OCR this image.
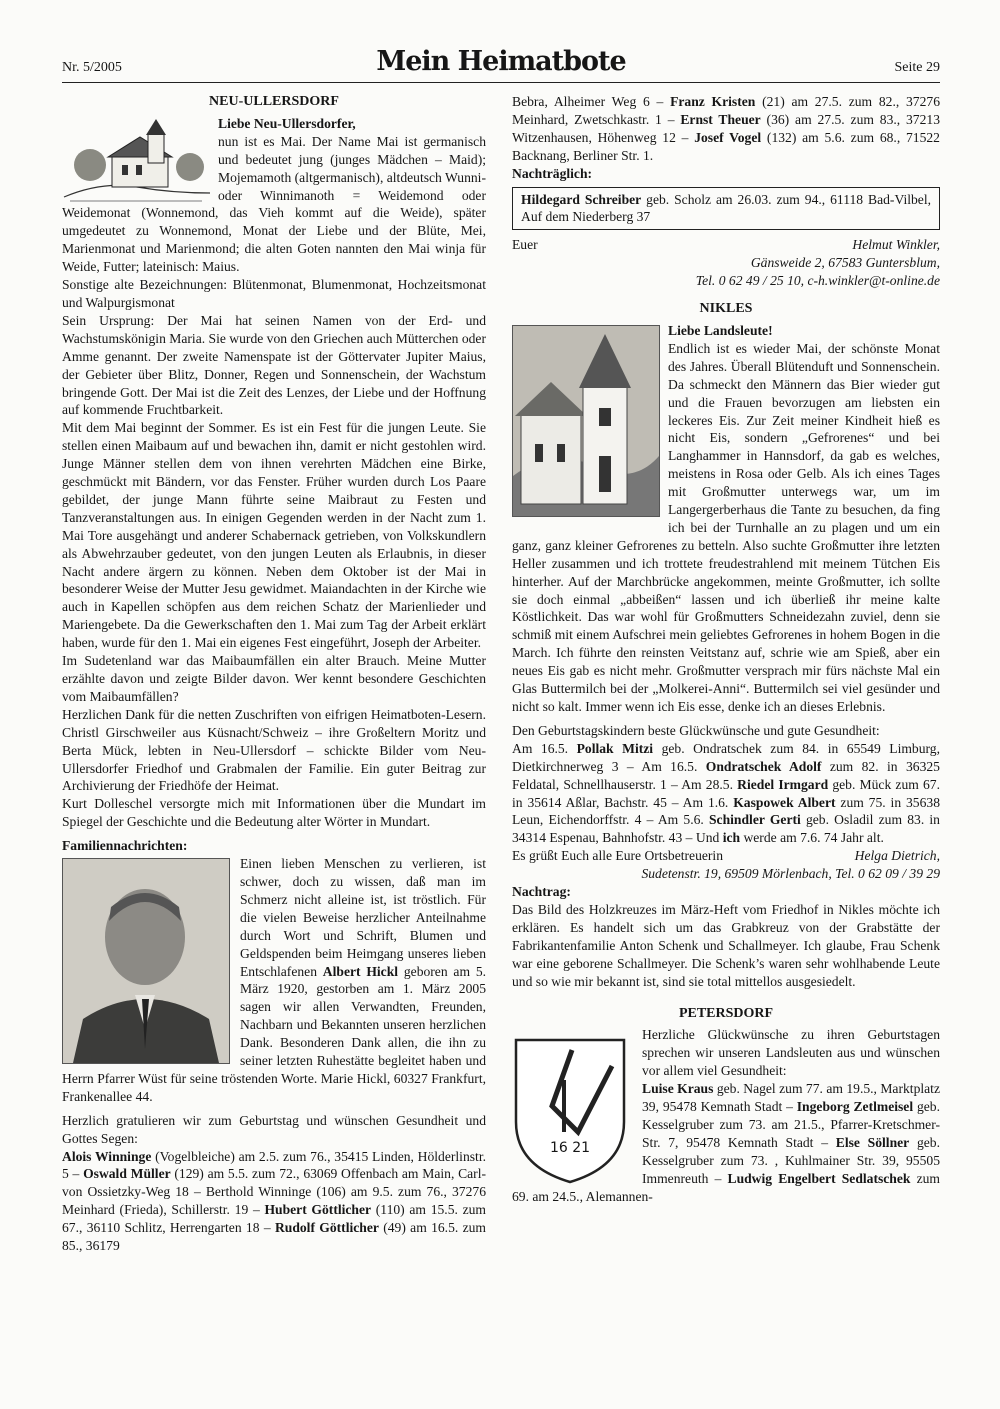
Nr. 5/2005	Mein Heimatbote	Seite 29
NEU-ULLERSDORF

Liebe Neu-Ullersdorfer,

nun ist es Mai. Der Name Mai ist germanisch und bedeutet jung (junges Mädchen – Maid); Mojemamoth (altgermanisch), altdeutsch Wunni- oder Winnimanoth = Weidemond oder Weidemonat (Wonnemond, das Vieh kommt auf die Weide), später umgedeutet zu Wonnemond, Monat der Liebe und der Blüte, Mei, Marienmonat und Marienmond; die alten Goten nannten den Mai winja für Weide, Futter; lateinisch: Maius.

Sonstige alte Bezeichnungen: Blütenmonat, Blumenmonat, Hochzeitsmonat und Walpurgismonat

Sein Ursprung: Der Mai hat seinen Namen von der Erd- und Wachstumskönigin Maria. Sie wurde von den Griechen auch Mütterchen oder Amme genannt. Der zweite Namenspate ist der Göttervater Jupiter Maius, der Gebieter über Blitz, Donner, Regen und Sonnenschein, der Wachstum bringende Gott. Der Mai ist die Zeit des Lenzes, der Liebe und der Hoffnung auf kommende Fruchtbarkeit.

Mit dem Mai beginnt der Sommer. Es ist ein Fest für die jungen Leute. Sie stellen einen Maibaum auf und bewachen ihn, damit er nicht gestohlen wird. Junge Männer stellen dem von ihnen verehrten Mädchen eine Birke, geschmückt mit Bändern, vor das Fenster. Früher wurden durch Los Paare gebildet, der junge Mann führte seine Maibraut zu Festen und Tanzveranstaltungen aus. In einigen Gegenden werden in der Nacht zum 1. Mai Tore ausgehängt und anderer Schabernack getrieben, von Volkskundlern als Abwehrzauber gedeutet, von den jungen Leuten als Erlaubnis, in dieser Nacht andere ärgern zu können. Neben dem Oktober ist der Mai in besonderer Weise der Mutter Jesu gewidmet. Maiandachten in der Kirche wie auch in Kapellen schöpfen aus dem reichen Schatz der Marienlieder und Mariengebete. Da die Gewerkschaften den 1. Mai zum Tag der Arbeit erklärt haben, wurde für den 1. Mai ein eigenes Fest eingeführt, Joseph der Arbeiter.

Im Sudetenland war das Maibaumfällen ein alter Brauch. Meine Mutter erzählte davon und zeigte Bilder davon. Wer kennt besondere Geschichten vom Maibaumfällen?

Herzlichen Dank für die netten Zuschriften von eifrigen Heimatboten-Lesern. Christl Girschweiler aus Küsnacht/Schweiz – ihre Großeltern Moritz und Berta Mück, lebten in Neu-Ullersdorf – schickte Bilder vom Neu-Ullersdorfer Friedhof und Grabmalen der Familie. Ein guter Beitrag zur Archivierung der Friedhöfe der Heimat.

Kurt Dolleschel versorgte mich mit Informationen über die Mundart im Spiegel der Geschichte und die Bedeutung alter Wörter in Mundart.

Familiennachrichten:

Einen lieben Menschen zu verlieren, ist schwer, doch zu wissen, daß man im Schmerz nicht alleine ist, ist tröstlich. Für die vielen Beweise herzlicher Anteilnahme durch Wort und Schrift, Blumen und Geldspenden beim Heimgang unseres lieben Entschlafenen Albert Hickl geboren am 5. März 1920, gestorben am 1. März 2005 sagen wir allen Verwandten, Freunden, Nachbarn und Bekannten unseren herzlichen Dank. Besonderen Dank allen, die ihn zu seiner letzten Ruhestätte begleitet haben und Herrn Pfarrer Wüst für seine tröstenden Worte. Marie Hickl, 60327 Frankfurt, Frankenallee 44.

Herzlich gratulieren wir zum Geburtstag und wünschen Gesundheit und Gottes Segen:

Alois Winninge (Vogelbleiche) am 2.5. zum 76., 35415 Linden, Hölderlinstr. 5 – Oswald Müller (129) am 5.5. zum 72., 63069 Offenbach am Main, Carl-von Ossietzky-Weg 18 – Berthold Winninge (106) am 9.5. zum 76., 37276 Meinhard (Frieda), Schillerstr. 19 – Hubert Göttlicher (110) am 15.5. zum 67., 36110 Schlitz, Herrengarten 18 – Rudolf Göttlicher (49) am 16.5. zum 85., 36179

Bebra, Alheimer Weg 6 – Franz Kristen (21) am 27.5. zum 82., 37276 Meinhard, Zwetschkastr. 1 – Ernst Theuer (36) am 27.5. zum 83., 37213 Witzenhausen, Höhenweg 12 – Josef Vogel (132) am 5.6. zum 68., 71522 Backnang, Berliner Str. 1.

Nachträglich:

Hildegard Schreiber geb. Scholz am 26.03. zum 94., 61118 Bad-Vilbel, Auf dem Niederberg 37
Euer	Helmut Winkler,
Gänsweide 2, 67583 Guntersblum,
Tel. 0 62 49 / 25 10, c-h.winkler@t-online.de
NIKLES

Liebe Landsleute!

Endlich ist es wieder Mai, der schönste Monat des Jahres. Überall Blütenduft und Sonnenschein. Da schmeckt den Männern das Bier wieder gut und die Frauen bevorzugen am liebsten ein leckeres Eis. Zur Zeit meiner Kindheit hieß es nicht Eis, sondern „Gefrorenes“ und bei Langhammer in Hannsdorf, da gab es welches, meistens in Rosa oder Gelb. Als ich eines Tages mit Großmutter unterwegs war, um im Langergerberhaus die Tante zu besuchen, da fing ich bei der Turnhalle an zu plagen und um ein ganz, ganz kleiner Gefrorenes zu betteln. Also suchte Großmutter ihre letzten Heller zusammen und ich trottete freudestrahlend mit meinem Tütchen Eis hinterher. Auf der Marchbrücke angekommen, meinte Großmutter, ich sollte sie doch einmal „abbeißen“ lassen und ich überließ ihr meine kalte Köstlichkeit. Das war wohl für Großmutters Schneidezahn zuviel, denn sie schmiß mit einem Aufschrei mein geliebtes Gefrorenes in hohem Bogen in die March. Ich führte den reinsten Veitstanz auf, schrie wie am Spieß, aber ein neues Eis gab es nicht mehr. Großmutter versprach mir fürs nächste Mal ein Glas Buttermilch bei der „Molkerei-Anni“. Buttermilch sei viel gesünder und nicht so kalt. Immer wenn ich Eis esse, denke ich an dieses Erlebnis.

Den Geburtstagskindern beste Glückwünsche und gute Gesundheit:

Am 16.5. Pollak Mitzi geb. Ondratschek zum 84. in 65549 Limburg, Dietkirchnerweg 3 – Am 16.5. Ondratschek Adolf zum 82. in 36325 Feldatal, Schnellhauserstr. 1 – Am 28.5. Riedel Irmgard geb. Mück zum 67. in 35614 Aßlar, Bachstr. 45 – Am 1.6. Kaspowek Albert zum 75. in 35638 Leun, Eichendorffstr. 4 – Am 5.6. Schindler Gerti geb. Osladil zum 83. in 34314 Espenau, Bahnhofstr. 43 – Und ich werde am 7.6. 74 Jahr alt.

Es grüßt Euch alle Eure Ortsbetreuerin	Helga Dietrich,
Sudetenstr. 19, 69509 Mörlenbach, Tel. 0 62 09 / 39 29

Nachtrag:

Das Bild des Holzkreuzes im März-Heft vom Friedhof in Nikles möchte ich erklären. Es handelt sich um das Grabkreuz von der Grabstätte der Fabrikantenfamilie Anton Schenk und Schallmeyer. Ich glaube, Frau Schenk war eine geborene Schallmeyer. Die Schenk’s waren sehr wohlhabende Leute und so wie mir bekannt ist, sind sie total mittellos ausgesiedelt.

PETERSDORF
16 21

Herzliche Glückwünsche zu ihren Geburtstagen sprechen wir unseren Landsleuten aus und wünschen vor allem viel Gesundheit:

Luise Kraus geb. Nagel zum 77. am 19.5., Marktplatz 39, 95478 Kemnath Stadt – Ingeborg Zetlmeisel geb. Kesselgruber zum 73. am 21.5., Pfarrer-Kretschmer-Str. 7, 95478 Kemnath Stadt – Else Söllner geb. Kesselgruber zum 73. , Kuhlmainer Str. 39, 95505 Immenreuth – Ludwig Engelbert Sedlatschek zum 69. am 24.5., Alemannen-
